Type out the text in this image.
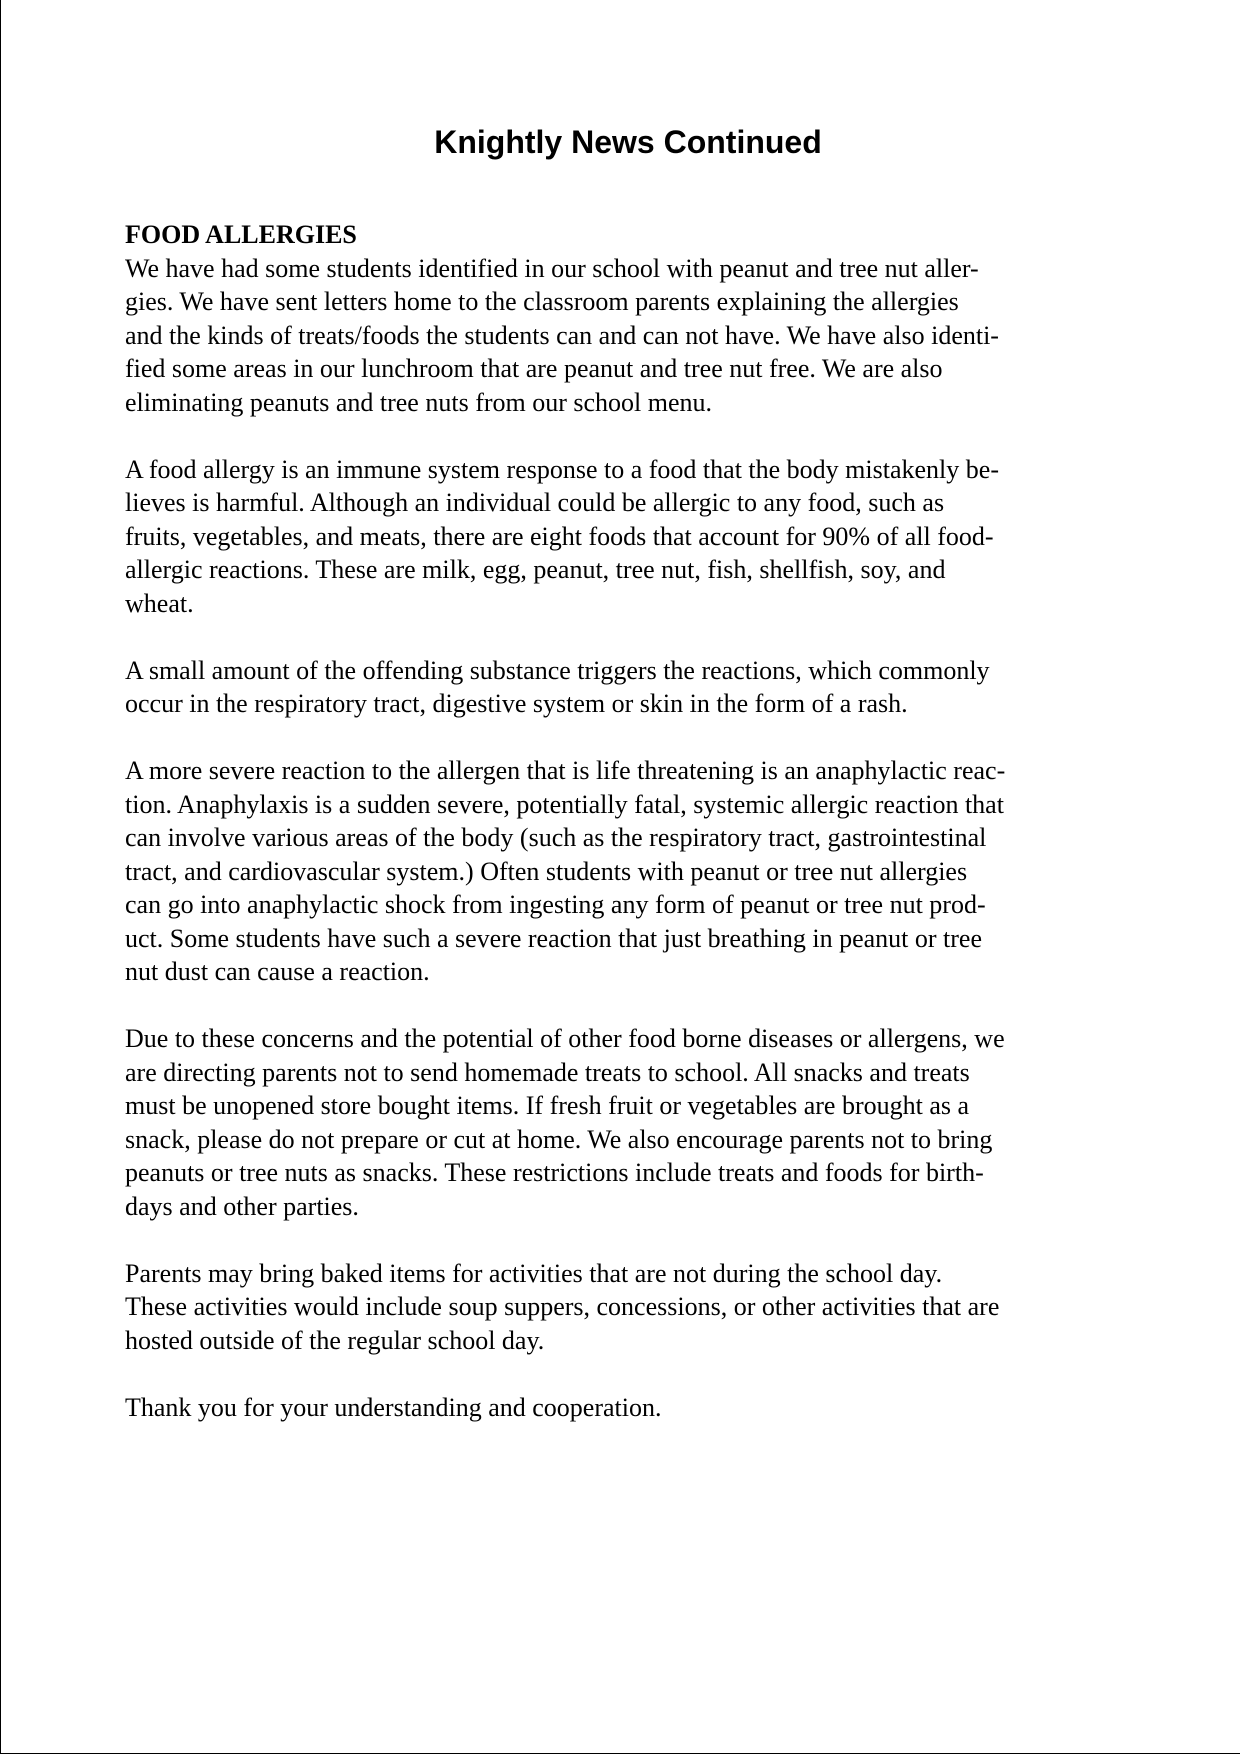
Knightly News Continued
FOOD ALLERGIES
We have had some students identified in our school with peanut and tree nut aller-
gies. We have sent letters home to the classroom parents explaining the allergies
and the kinds of treats/foods the students can and can not have. We have also identi-
fied some areas in our lunchroom that are peanut and tree nut free. We are also
eliminating peanuts and tree nuts from our school menu.
A food allergy is an immune system response to a food that the body mistakenly be-
lieves is harmful. Although an individual could be allergic to any food, such as
fruits, vegetables, and meats, there are eight foods that account for 90% of all food-
allergic reactions. These are milk, egg, peanut, tree nut, fish, shellfish, soy, and
wheat.
A small amount of the offending substance triggers the reactions, which commonly
occur in the respiratory tract, digestive system or skin in the form of a rash.
A more severe reaction to the allergen that is life threatening is an anaphylactic reac-
tion. Anaphylaxis is a sudden severe, potentially fatal, systemic allergic reaction that
can involve various areas of the body (such as the respiratory tract, gastrointestinal
tract, and cardiovascular system.) Often students with peanut or tree nut allergies
can go into anaphylactic shock from ingesting any form of peanut or tree nut prod-
uct. Some students have such a severe reaction that just breathing in peanut or tree
nut dust can cause a reaction.
Due to these concerns and the potential of other food borne diseases or allergens, we
are directing parents not to send homemade treats to school. All snacks and treats
must be unopened store bought items. If fresh fruit or vegetables are brought as a
snack, please do not prepare or cut at home. We also encourage parents not to bring
peanuts or tree nuts as snacks. These restrictions include treats and foods for birth-
days and other parties.
Parents may bring baked items for activities that are not during the school day.
These activities would include soup suppers, concessions, or other activities that are
hosted outside of the regular school day.
Thank you for your understanding and cooperation.
